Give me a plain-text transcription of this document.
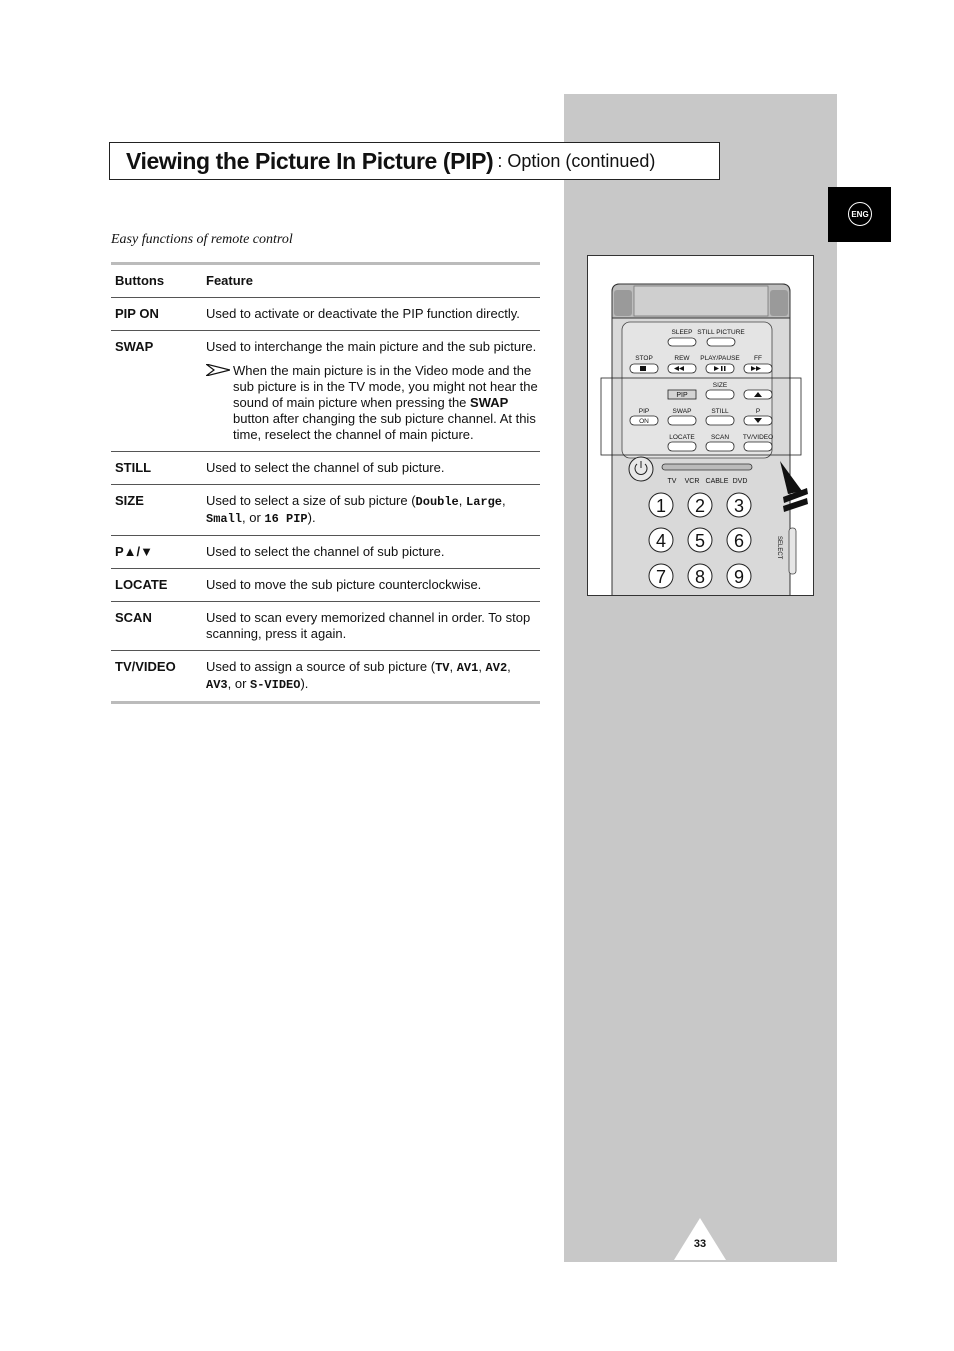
Viewing the Picture In Picture (PIP) : Option (continued)
ENG
Easy functions of remote control
Buttons	Feature
PIP ON	Used to activate or deactivate the PIP function directly.
SWAP	Used to interchange the main picture and the sub picture.
When the main picture is in the Video mode and the sub picture is in the TV mode, you might not hear the sound of main picture when pressing the SWAP button after changing the sub picture channel. At this time, reselect the channel of main picture.
STILL	Used to select the channel of sub picture.
SIZE	Used to select a size of sub picture (Double, Large, Small, or 16 PIP).
P▲/▼	Used to select the channel of sub picture.
LOCATE	Used to move the sub picture counterclockwise.
SCAN	Used to scan every memorized channel in order. To stop scanning, press it again.
TV/VIDEO	Used to assign a source of sub picture (TV, AV1, AV2, AV3, or S-VIDEO).
SLEEP STILL PICTURE
STOP	REW PLAY/PAUSE FF
SIZE
PIP
PIP	SWAP	STILL	P
ON
LOCATE SCAN TV/VIDEO
TV VCR CABLE DVD
1 2 3
4 5 6
7 8 9
SELECT
33
